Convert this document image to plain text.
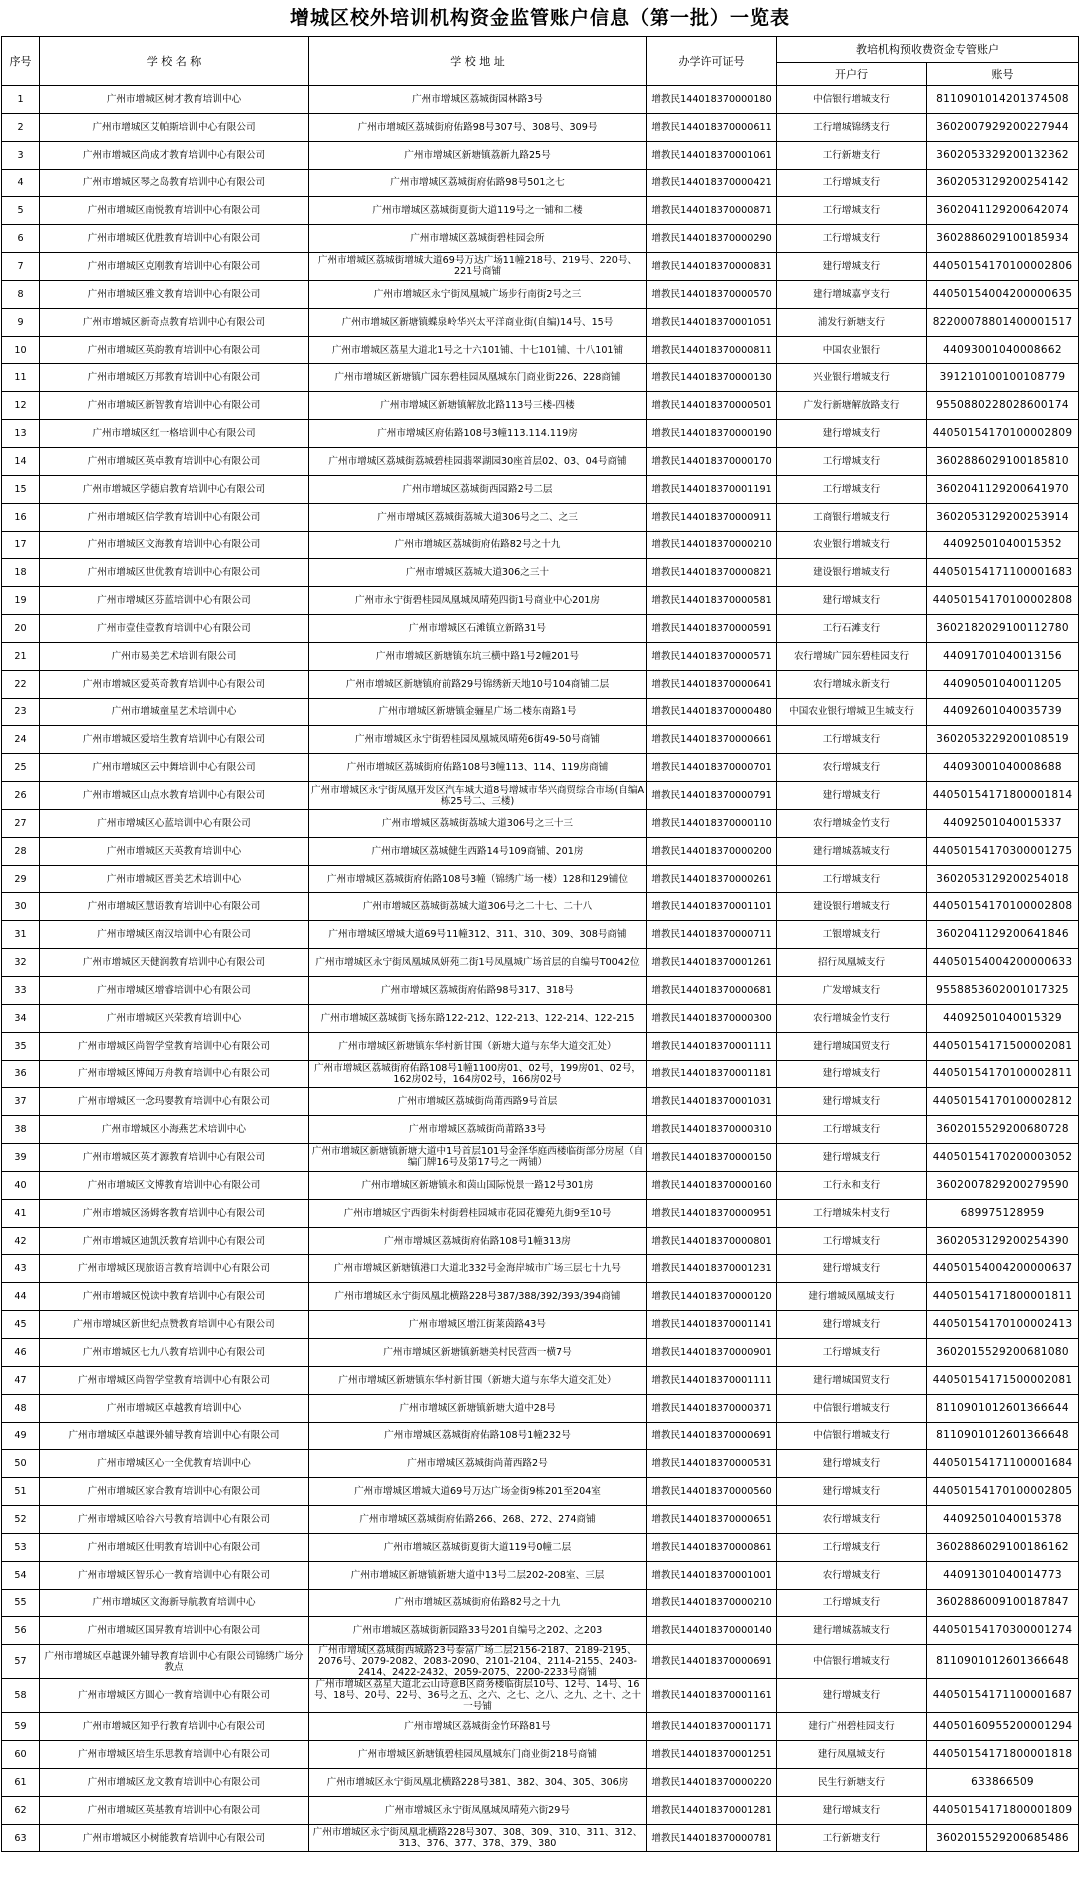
增城区校外培训机构资金监管账户信息（第一批）一览表
序号	学 校 名 称	学 校 地 址	办学许可证号	教培机构预收费资金专管账户	
				开户行	账号
1	广州市增城区树才教育培训中心	广州市增城区荔城街园林路3号	增教民144018370000180	中信银行增城支行	8110901014201374508
2	广州市增城区艾帕斯培训中心有限公司	广州市增城区荔城街府佑路98号307号、308号、309号	增教民144018370000611	工行增城锦绣支行	3602007929200227944
3	广州市增城区尚成才教育培训中心有限公司	广州市增城区新塘镇荔新九路25号	增教民144018370001061	工行新塘支行	3602053329200132362
4	广州市增城区琴之岛教育培训中心有限公司	广州市增城区荔城街府佑路98号501之七	增教民144018370000421	工行增城支行	3602053129200254142
5	广州市增城区南悦教育培训中心有限公司	广州市增城区荔城街夏街大道119号之一铺和二楼	增教民144018370000871	工行增城支行	3602041129200642074
6	广州市增城区优胜教育培训中心有限公司	广州市增城区荔城街碧桂园会所	增教民144018370000290	工行增城支行	3602886029100185934
7	广州市增城区克刚教育培训中心有限公司	广州市增城区荔城街增城大道69号万达广场11幢218号、219号、220号、221号商铺	增教民144018370000831	建行增城支行	44050154170100002806
8	广州市增城区雅文教育培训中心有限公司	广州市增城区永宁街凤凰城广场步行南街2号之三	增教民144018370000570	建行增城嘉亨支行	44050154004200000635
9	广州市增城区新奇点教育培训中心有限公司	广州市增城区新塘镇蝶泉岭华兴太平洋商业街(自编)14号、15号	增教民144018370001051	浦发行新塘支行	82200078801400001517
10	广州市增城区英韵教育培训中心有限公司	广州市增城区荔星大道北1号之十六101铺、十七101铺、十八101铺	增教民144018370000811	中国农业银行	44093001040008662
11	广州市增城区万邦教育培训中心有限公司	广州市增城区新塘镇广园东碧桂园凤凰城东门商业街226、228商铺	增教民144018370000130	兴业银行增城支行	391210100100108779
12	广州市增城区新智教育培训中心有限公司	广州市增城区新塘镇解放北路113号三楼-四楼	增教民144018370000501	广发行新塘解放路支行	9550880228028600174
13	广州市增城区红一格培训中心有限公司	广州市增城区府佑路108号3幢113.114.119房	增教民144018370000190	建行增城支行	44050154170100002809
14	广州市增城区英卓教育培训中心有限公司	广州市增城区荔城街荔城碧桂园翡翠湖园30座首层02、03、04号商铺	增教民144018370000170	工行增城支行	3602886029100185810
15	广州市增城区学德启教育培训中心有限公司	广州市增城区荔城街西园路2号二层	增教民144018370001191	工行增城支行	3602041129200641970
16	广州市增城区信学教育培训中心有限公司	广州市增城区荔城街荔城大道306号之二、之三	增教民144018370000911	工商银行增城支行	3602053129200253914
17	广州市增城区文海教育培训中心有限公司	广州市增城区荔城街府佑路82号之十九	增教民144018370000210	农业银行增城支行	44092501040015352
18	广州市增城区世优教育培训中心有限公司	广州市增城区荔城大道306之三十	增教民144018370000821	建设银行增城支行	44050154171100001683
19	广州市增城区芬蓝培训中心有限公司	广州市永宁街碧桂园凤凰城凤晴苑四街1号商业中心201房	增教民144018370000581	建行增城支行	44050154170100002808
20	广州市壹佳壹教育培训中心有限公司	广州市增城区石滩镇立新路31号	增教民144018370000591	工行石滩支行	3602182029100112780
21	广州市易美艺术培训有限公司	广州市增城区新塘镇东坑三横中路1号2幢201号	增教民144018370000571	农行增城广园东碧桂园支行	44091701040013156
22	广州市增城区爱英奇教育培训中心有限公司	广州市增城区新塘镇府前路29号锦绣新天地10号104商铺二层	增教民144018370000641	农行增城永新支行	44090501040011205
23	广州市增城童星艺术培训中心	广州市增城区新塘镇金骊星广场二楼东南路1号	增教民144018370000480	中国农业银行增城卫生城支行	44092601040035739
24	广州市增城区爱培生教育培训中心有限公司	广州市增城区永宁街碧桂园凤凰城凤晴苑6街49-50号商铺	增教民144018370000661	工行增城支行	3602053229200108519
25	广州市增城区云中舞培训中心有限公司	广州市增城区荔城街府佑路108号3幢113、114、119房商铺	增教民144018370000701	农行增城支行	44093001040008688
26	广州市增城区山点水教育培训中心有限公司	广州市增城区永宁街凤凰开发区汽车城大道8号增城市华兴商贸综合市场(自编A栋25号二、三楼)	增教民144018370000791	建行增城支行	44050154171800001814
27	广州市增城区心蓝培训中心有限公司	广州市增城区荔城街荔城大道306号之三十三	增教民144018370000110	农行增城金竹支行	44092501040015337
28	广州市增城区天英教育培训中心	广州市增城区荔城健生西路14号109商铺、201房	增教民144018370000200	建行增城荔城支行	44050154170300001275
29	广州市增城区晋美艺术培训中心	广州市增城区荔城街府佑路108号3幢（锦绣广场一楼）128和129铺位	增教民144018370000261	工行增城支行	3602053129200254018
30	广州市增城区慧语教育培训中心有限公司	广州市增城区荔城街荔城大道306号之二十七、二十八	增教民144018370001101	建设银行增城支行	44050154170100002808
31	广州市增城区南汉培训中心有限公司	广州市增城区增城大道69号11幢312、311、310、309、308号商铺	增教民144018370000711	工银增城支行	3602041129200641846
32	广州市增城区天健润教育培训中心有限公司	广州市增城区永宁街凤凰城凤妍苑二街1号凤凰城广场首层的自编号T0042位	增教民144018370001261	招行凤凰城支行	44050154004200000633
33	广州市增城区增睿培训中心有限公司	广州市增城区荔城街府佑路98号317、318号	增教民144018370000681	广发增城支行	9558853602001017325
34	广州市增城区兴荣教育培训中心	广州市增城区荔城街飞扬东路122-212、122-213、122-214、122-215	增教民144018370000300	农行增城金竹支行	44092501040015329
35	广州市增城区尚智学堂教育培训中心有限公司	广州市增城区新塘镇东华村新甘围（新塘大道与东华大道交汇处）	增教民144018370001111	建行增城国贸支行	44050154171500002081
36	广州市增城区博闻万舟教育培训中心有限公司	广州市增城区荔城街府佑路108号1幢1100房01、02号，199房01、02号，162房02号，164房02号，166房02号	增教民144018370001181	建行增城支行	44050154170100002811
37	广州市增城区一念玛婴教育培训中心有限公司	广州市增城区荔城街尚莆西路9号首层	增教民144018370001031	建行增城支行	44050154170100002812
38	广州市增城区小海燕艺术培训中心	广州市增城区荔城街尚莆路33号	增教民144018370000310	工行增城支行	3602015529200680728
39	广州市增城区英才源教育培训中心有限公司	广州市增城区新塘镇新塘大道中1号首层101号金泽华庭西楼临街部分房屋（自编门牌16号及第17号之一两铺）	增教民144018370000150	建行增城支行	44050154170200003052
40	广州市增城区文博教育培训中心有限公司	广州市增城区新塘镇永和茵山国际悦景一路12号301房	增教民144018370000160	工行永和支行	3602007829200279590
41	广州市增城区汤姆客教育培训中心有限公司	广州市增城区宁西街朱村街碧桂园城市花园花瓣苑九街9至10号	增教民144018370000951	工行增城朱村支行	689975128959
42	广州市增城区迪凯沃教育培训中心有限公司	广州市增城区荔城街府佑路108号1幢313房	增教民144018370000801	工行增城支行	3602053129200254390
43	广州市增城区现旅语言教育培训中心有限公司	广州市增城区新塘镇港口大道北332号金海岸城市广场三层七十九号	增教民144018370001231	建行增城支行	44050154004200000637
44	广州市增城区悦读中教育培训中心有限公司	广州市增城区永宁街凤凰北横路228号387/388/392/393/394商铺	增教民144018370000120	建行增城凤凰城支行	44050154171800001811
45	广州市增城区新世纪点赞教育培训中心有限公司	广州市增城区增江街莱茵路43号	增教民144018370001141	建行增城支行	44050154170100002413
46	广州市增城区七九八教育培训中心有限公司	广州市增城区新塘镇新塘美村民营西一横7号	增教民144018370000901	工行增城支行	3602015529200681080
47	广州市增城区尚智学堂教育培训中心有限公司	广州市增城区新塘镇东华村新甘围（新塘大道与东华大道交汇处）	增教民144018370001111	建行增城国贸支行	44050154171500002081
48	广州市增城区卓越教育培训中心	广州市增城区新塘镇新塘大道中28号	增教民144018370000371	中信银行增城支行	8110901012601366644
49	广州市增城区卓越课外辅导教育培训中心有限公司	广州市增城区荔城街府佑路108号1幢232号	增教民144018370000691	中信银行增城支行	8110901012601366648
50	广州市增城区心一全优教育培训中心	广州市增城区荔城街尚莆西路2号	增教民144018370000531	建行增城支行	44050154171100001684
51	广州市增城区家合教育培训中心有限公司	广州市增城区增城大道69号万达广场金街9栋201至204室	增教民144018370000560	建行增城支行	44050154170100002805
52	广州市增城区哈谷六号教育培训中心有限公司	广州市增城区荔城街府佑路266、268、272、274商铺	增教民144018370000651	农行增城支行	44092501040015378
53	广州市增城区仕明教育培训中心有限公司	广州市增城区荔城街夏街大道119号0幢二层	增教民144018370000861	工行增城支行	3602886029100186162
54	广州市增城区智乐心一教育培训中心有限公司	广州市增城区新塘镇新塘大道中13号二层202-208室、三层	增教民144018370001001	农行增城支行	44091301040014773
55	广州市增城区文海新导航教育培训中心	广州市增城区荔城街府佑路82号之十九	增教民144018370000210	工行增城支行	3602886009100187847
56	广州市增城区国昇教育培训中心有限公司	广州市增城区荔城街新园路33号201自编号之202、之203	增教民144018370000140	建行增城荔城支行	44050154170300001274
57	广州市增城区卓越课外辅导教育培训中心有限公司锦绣广场分教点	广州市增城区荔城街西城路23号泰富广场二层2156-2187、2189-2195、2076号、2079-2082、2083-2090、2101-2104、2114-2155、2403-2414、2422-2432、2059-2075、2200-2233号商铺	增教民144018370000691	中信银行增城支行	8110901012601366648
58	广州市增城区方圆心一教育培训中心有限公司	广州市增城区荔星大道北云山诗意B区商务楼临街层10号、12号、14号、16号、18号、20号、22号、36号之五、之六、之七、之八、之九、之十、之十一号铺	增教民144018370001161	建行增城支行	44050154171100001687
59	广州市增城区知乎行教育培训中心有限公司	广州市增城区荔城街金竹环路81号	增教民144018370001171	建行广州碧桂园支行	44050160955200001294
60	广州市增城区培生乐思教育培训中心有限公司	广州市增城区新塘镇碧桂园凤凰城东门商业街218号商铺	增教民144018370001251	建行凤凰城支行	44050154171800001818
61	广州市增城区龙文教育培训中心有限公司	广州市增城区永宁街凤凰北横路228号381、382、304、305、306房	增教民144018370000220	民生行新塘支行	633866509
62	广州市增城区英基教育培训中心有限公司	广州市增城区永宁街凤凰城凤晴苑六街29号	增教民144018370001281	建行增城支行	44050154171800001809
63	广州市增城区小树能教育培训中心有限公司	广州市增城区永宁街凤凰北横路228号307、308、309、310、311、312、313、376、377、378、379、380	增教民144018370000781	工行新塘支行	3602015529200685486
